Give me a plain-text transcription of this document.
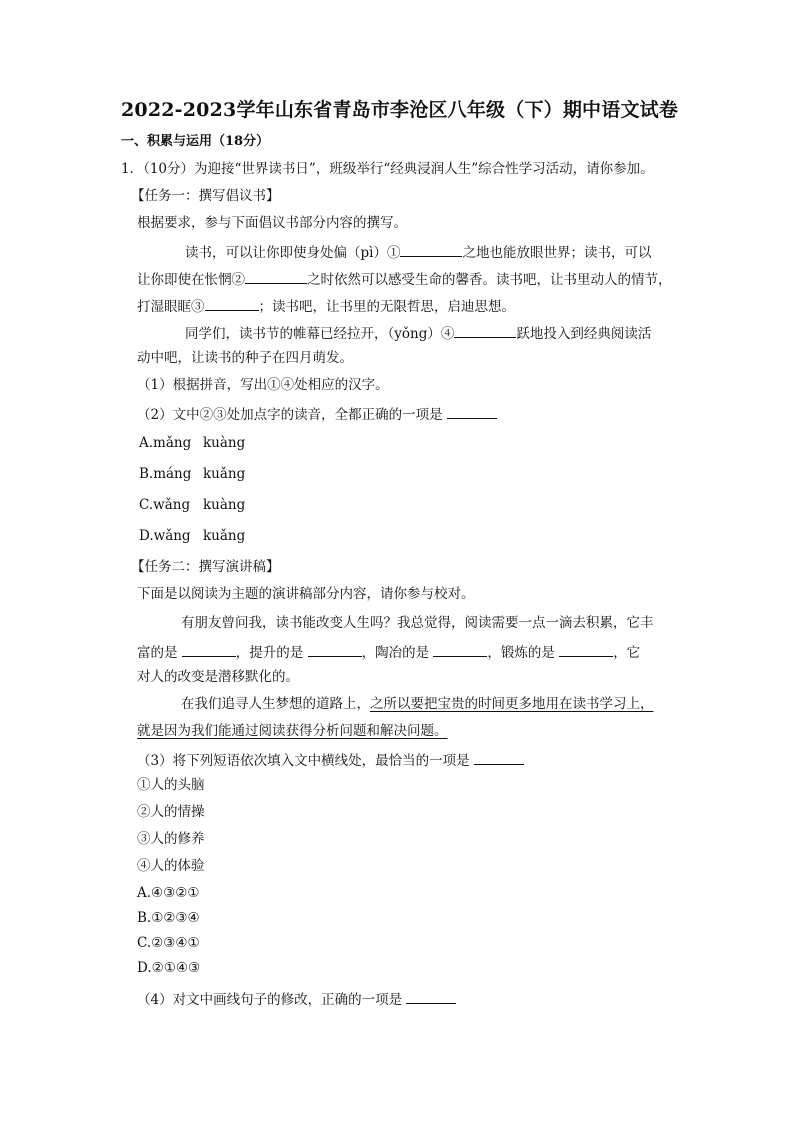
2022-2023学年山东省青岛市李沧区八年级（下）期中语文试卷
一、积累与运用（18分）
1．（10分）为迎接“世界读书日”，班级举行“经典浸润人生”综合性学习活动，请你参加。
【任务一：撰写倡议书】
根据要求，参与下面倡议书部分内容的撰写。
读书，可以让你即使身处偏（pì）①	之地也能放眼世界；读书，可以
让你即使在怅惘②	之时依然可以感受生命的馨香。读书吧，让书里动人的情节，
打湿眼眶③	；读书吧，让书里的无限哲思，启迪思想。
同学们，读书节的帷幕已经拉开，（yǒng）④	跃地投入到经典阅读活
动中吧，让读书的种子在四月萌发。
（1）根据拼音，写出①④处相应的汉字。
（2）文中②③处加点字的读音，全都正确的一项是
A.mǎng kuàng
B.máng kuǎng
C.wǎng kuàng
D.wǎng kuǎng
【任务二：撰写演讲稿】
下面是以阅读为主题的演讲稿部分内容，请你参与校对。
有朋友曾问我，读书能改变人生吗？我总觉得，阅读需要一点一滴去积累，它丰
富的是	，提升的是	，陶冶的是	，锻炼的是	，它
对人的改变是潜移默化的。
在我们追寻人生梦想的道路上，之所以要把宝贵的时间更多地用在读书学习上，
就是因为我们能通过阅读获得分析问题和解决问题。
（3）将下列短语依次填入文中横线处，最恰当的一项是
①人的头脑
②人的情操
③人的修养
④人的体验
A.④③②①
B.①②③④
C.②③④①
D.②①④③
（4）对文中画线句子的修改，正确的一项是
